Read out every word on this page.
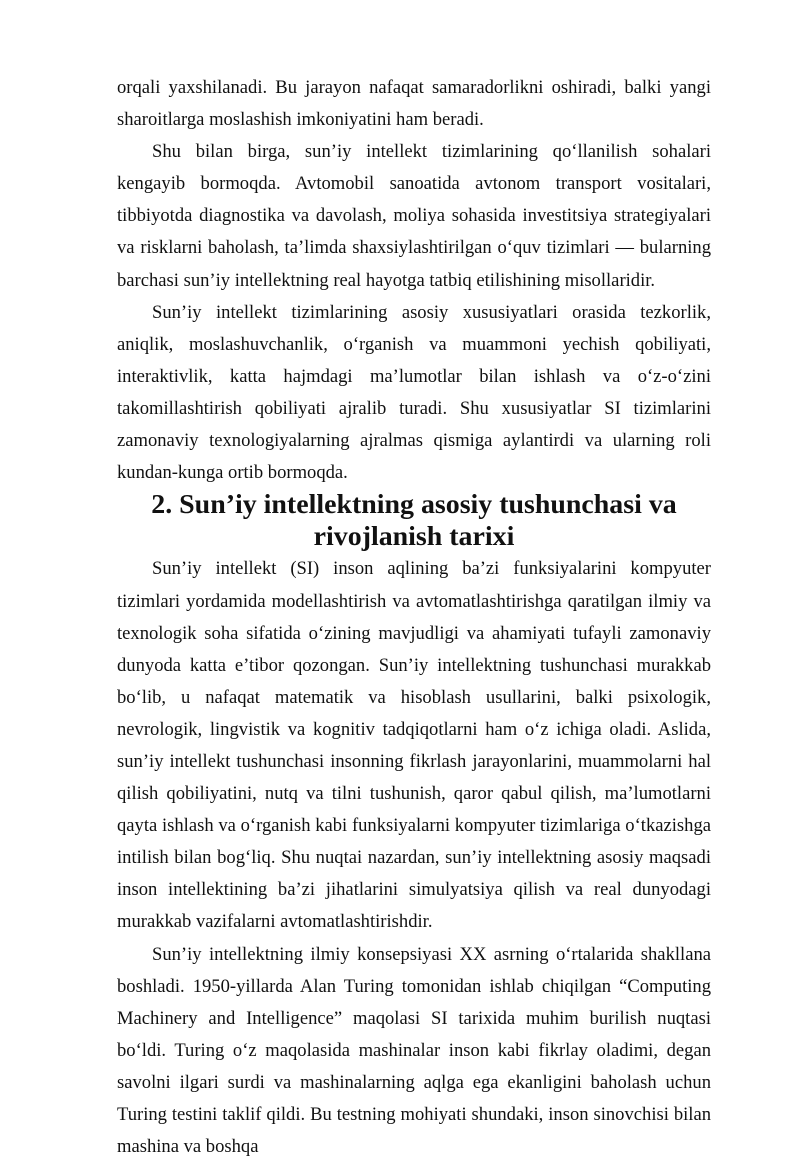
orqali yaxshilanadi. Bu jarayon nafaqat samaradorlikni oshiradi, balki yangi sharoitlarga moslashish imkoniyatini ham beradi.

Shu bilan birga, sun’iy intellekt tizimlarining qo‘llanilish sohalari kengayib bormoqda. Avtomobil sanoatida avtonom transport vositalari, tibbiyotda diagnostika va davolash, moliya sohasida investitsiya strategiyalari va risklarni baholash, ta’limda shaxsiylashtirilgan o‘quv tizimlari — bularning barchasi sun’iy intellektning real hayotga tatbiq etilishining misollaridir.

Sun’iy intellekt tizimlarining asosiy xususiyatlari orasida tezkorlik, aniqlik, moslashuvchanlik, o‘rganish va muammoni yechish qobiliyati, interaktivlik, katta hajmdagi ma’lumotlar bilan ishlash va o‘z-o‘zini takomillashtirish qobiliyati ajralib turadi. Shu xususiyatlar SI tizimlarini zamonaviy texnologiyalarning ajralmas qismiga aylantirdi va ularning roli kundan-kunga ortib bormoqda.

2. Sun’iy intellektning asosiy tushunchasi va rivojlanish tarixi

Sun’iy intellekt (SI) inson aqlining ba’zi funksiyalarini kompyuter tizimlari yordamida modellashtirish va avtomatlashtirishga qaratilgan ilmiy va texnologik soha sifatida o‘zining mavjudligi va ahamiyati tufayli zamonaviy dunyoda katta e’tibor qozongan. Sun’iy intellektning tushunchasi murakkab bo‘lib, u nafaqat matematik va hisoblash usullarini, balki psixologik, nevrologik, lingvistik va kognitiv tadqiqotlarni ham o‘z ichiga oladi. Aslida, sun’iy intellekt tushunchasi insonning fikrlash jarayonlarini, muammolarni hal qilish qobiliyatini, nutq va tilni tushunish, qaror qabul qilish, ma’lumotlarni qayta ishlash va o‘rganish kabi funksiyalarni kompyuter tizimlariga o‘tkazishga intilish bilan bog‘liq. Shu nuqtai nazardan, sun’iy intellektning asosiy maqsadi inson intellektining ba’zi jihatlarini simulyatsiya qilish va real dunyodagi murakkab vazifalarni avtomatlashtirishdir.

Sun’iy intellektning ilmiy konsepsiyasi XX asrning o‘rtalarida shakllana boshladi. 1950-yillarda Alan Turing tomonidan ishlab chiqilgan “Computing Machinery and Intelligence” maqolasi SI tarixida muhim burilish nuqtasi bo‘ldi. Turing o‘z maqolasida mashinalar inson kabi fikrlay oladimi, degan savolni ilgari surdi va mashinalarning aqlga ega ekanligini baholash uchun Turing testini taklif qildi. Bu testning mohiyati shundaki, inson sinovchisi bilan mashina va boshqa
